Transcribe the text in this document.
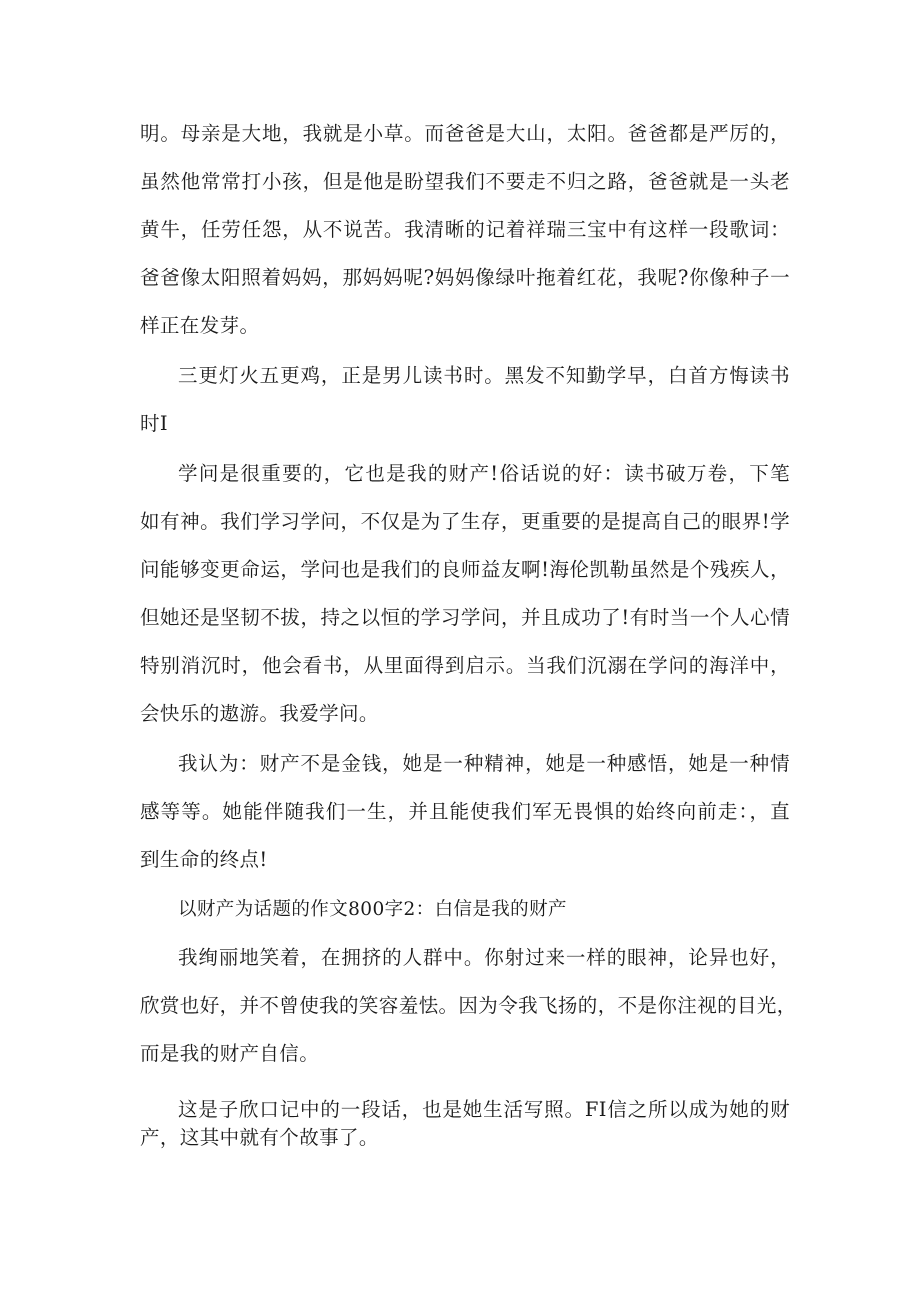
明。母亲是大地，我就是小草。而爸爸是大山，太阳。爸爸都是严厉的，
虽然他常常打小孩，但是他是盼望我们不要走不归之路，爸爸就是一头老
黄牛，任劳任怨，从不说苦。我清晰的记着祥瑞三宝中有这样一段歌词：
爸爸像太阳照着妈妈，那妈妈呢?妈妈像绿叶拖着红花，我呢?你像种子一
样正在发芽。
三更灯火五更鸡，正是男儿读书时。黑发不知勤学早，白首方悔读书
时I
学问是很重要的，它也是我的财产!俗话说的好：读书破万卷，下笔
如有神。我们学习学问，不仅是为了生存，更重要的是提高自己的眼界!学
问能够变更命运，学问也是我们的良师益友啊!海伦凯勒虽然是个残疾人，
但她还是坚韧不拔，持之以恒的学习学问，并且成功了!有时当一个人心情
特别消沉时，他会看书，从里面得到启示。当我们沉溺在学问的海洋中，
会快乐的遨游。我爱学问。
我认为：财产不是金钱，她是一种精神，她是一种感悟，她是一种情
感等等。她能伴随我们一生，并且能使我们军无畏惧的始终向前走：，直
到生命的终点!
以财产为话题的作文800字2：白信是我的财产
我绚丽地笑着，在拥挤的人群中。你射过来一样的眼神，论异也好，
欣赏也好，并不曾使我的笑容羞怯。因为令我飞扬的，不是你注视的目光，
而是我的财产自信。
这是子欣口记中的一段话，也是她生活写照。FI信之所以成为她的财
产，这其中就有个故事了。
